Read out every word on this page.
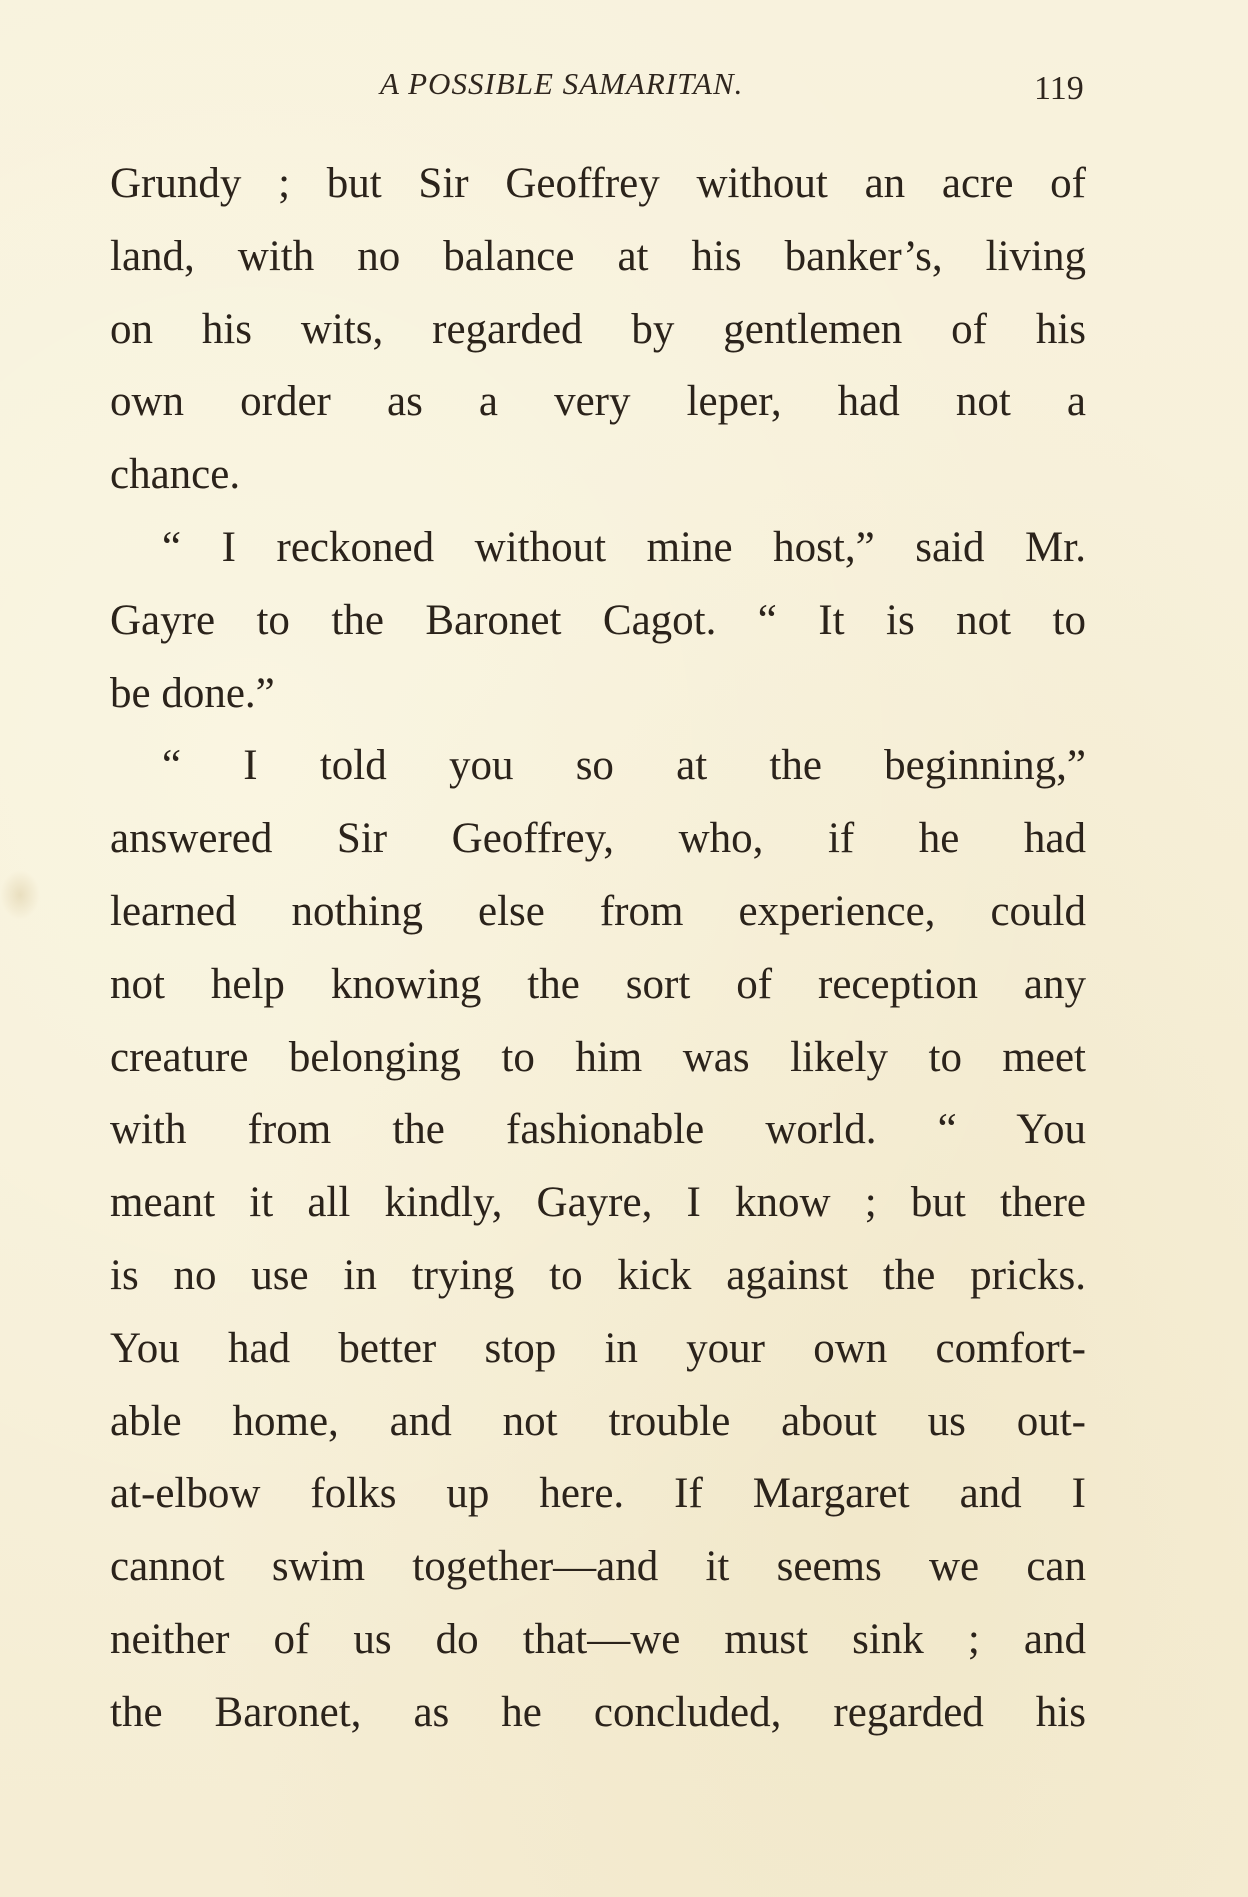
A POSSIBLE SAMARITAN.	119
Grundy ; but Sir Geoffrey without an acre of
land, with no balance at his banker’s, living
on his wits, regarded by gentlemen of his
own order as a very leper, had not a
chance.
“ I reckoned without mine host,” said Mr.
Gayre to the Baronet Cagot. “ It is not to
be done.”
“ I told you so at the beginning,”
answered Sir Geoffrey, who, if he had
learned nothing else from experience, could
not help knowing the sort of reception any
creature belonging to him was likely to meet
with from the fashionable world. “ You
meant it all kindly, Gayre, I know ; but there
is no use in trying to kick against the pricks.
You had better stop in your own comfort-
able home, and not trouble about us out-
at-elbow folks up here. If Margaret and I
cannot swim together—and it seems we can
neither of us do that—we must sink ; and
the Baronet, as he concluded, regarded his
